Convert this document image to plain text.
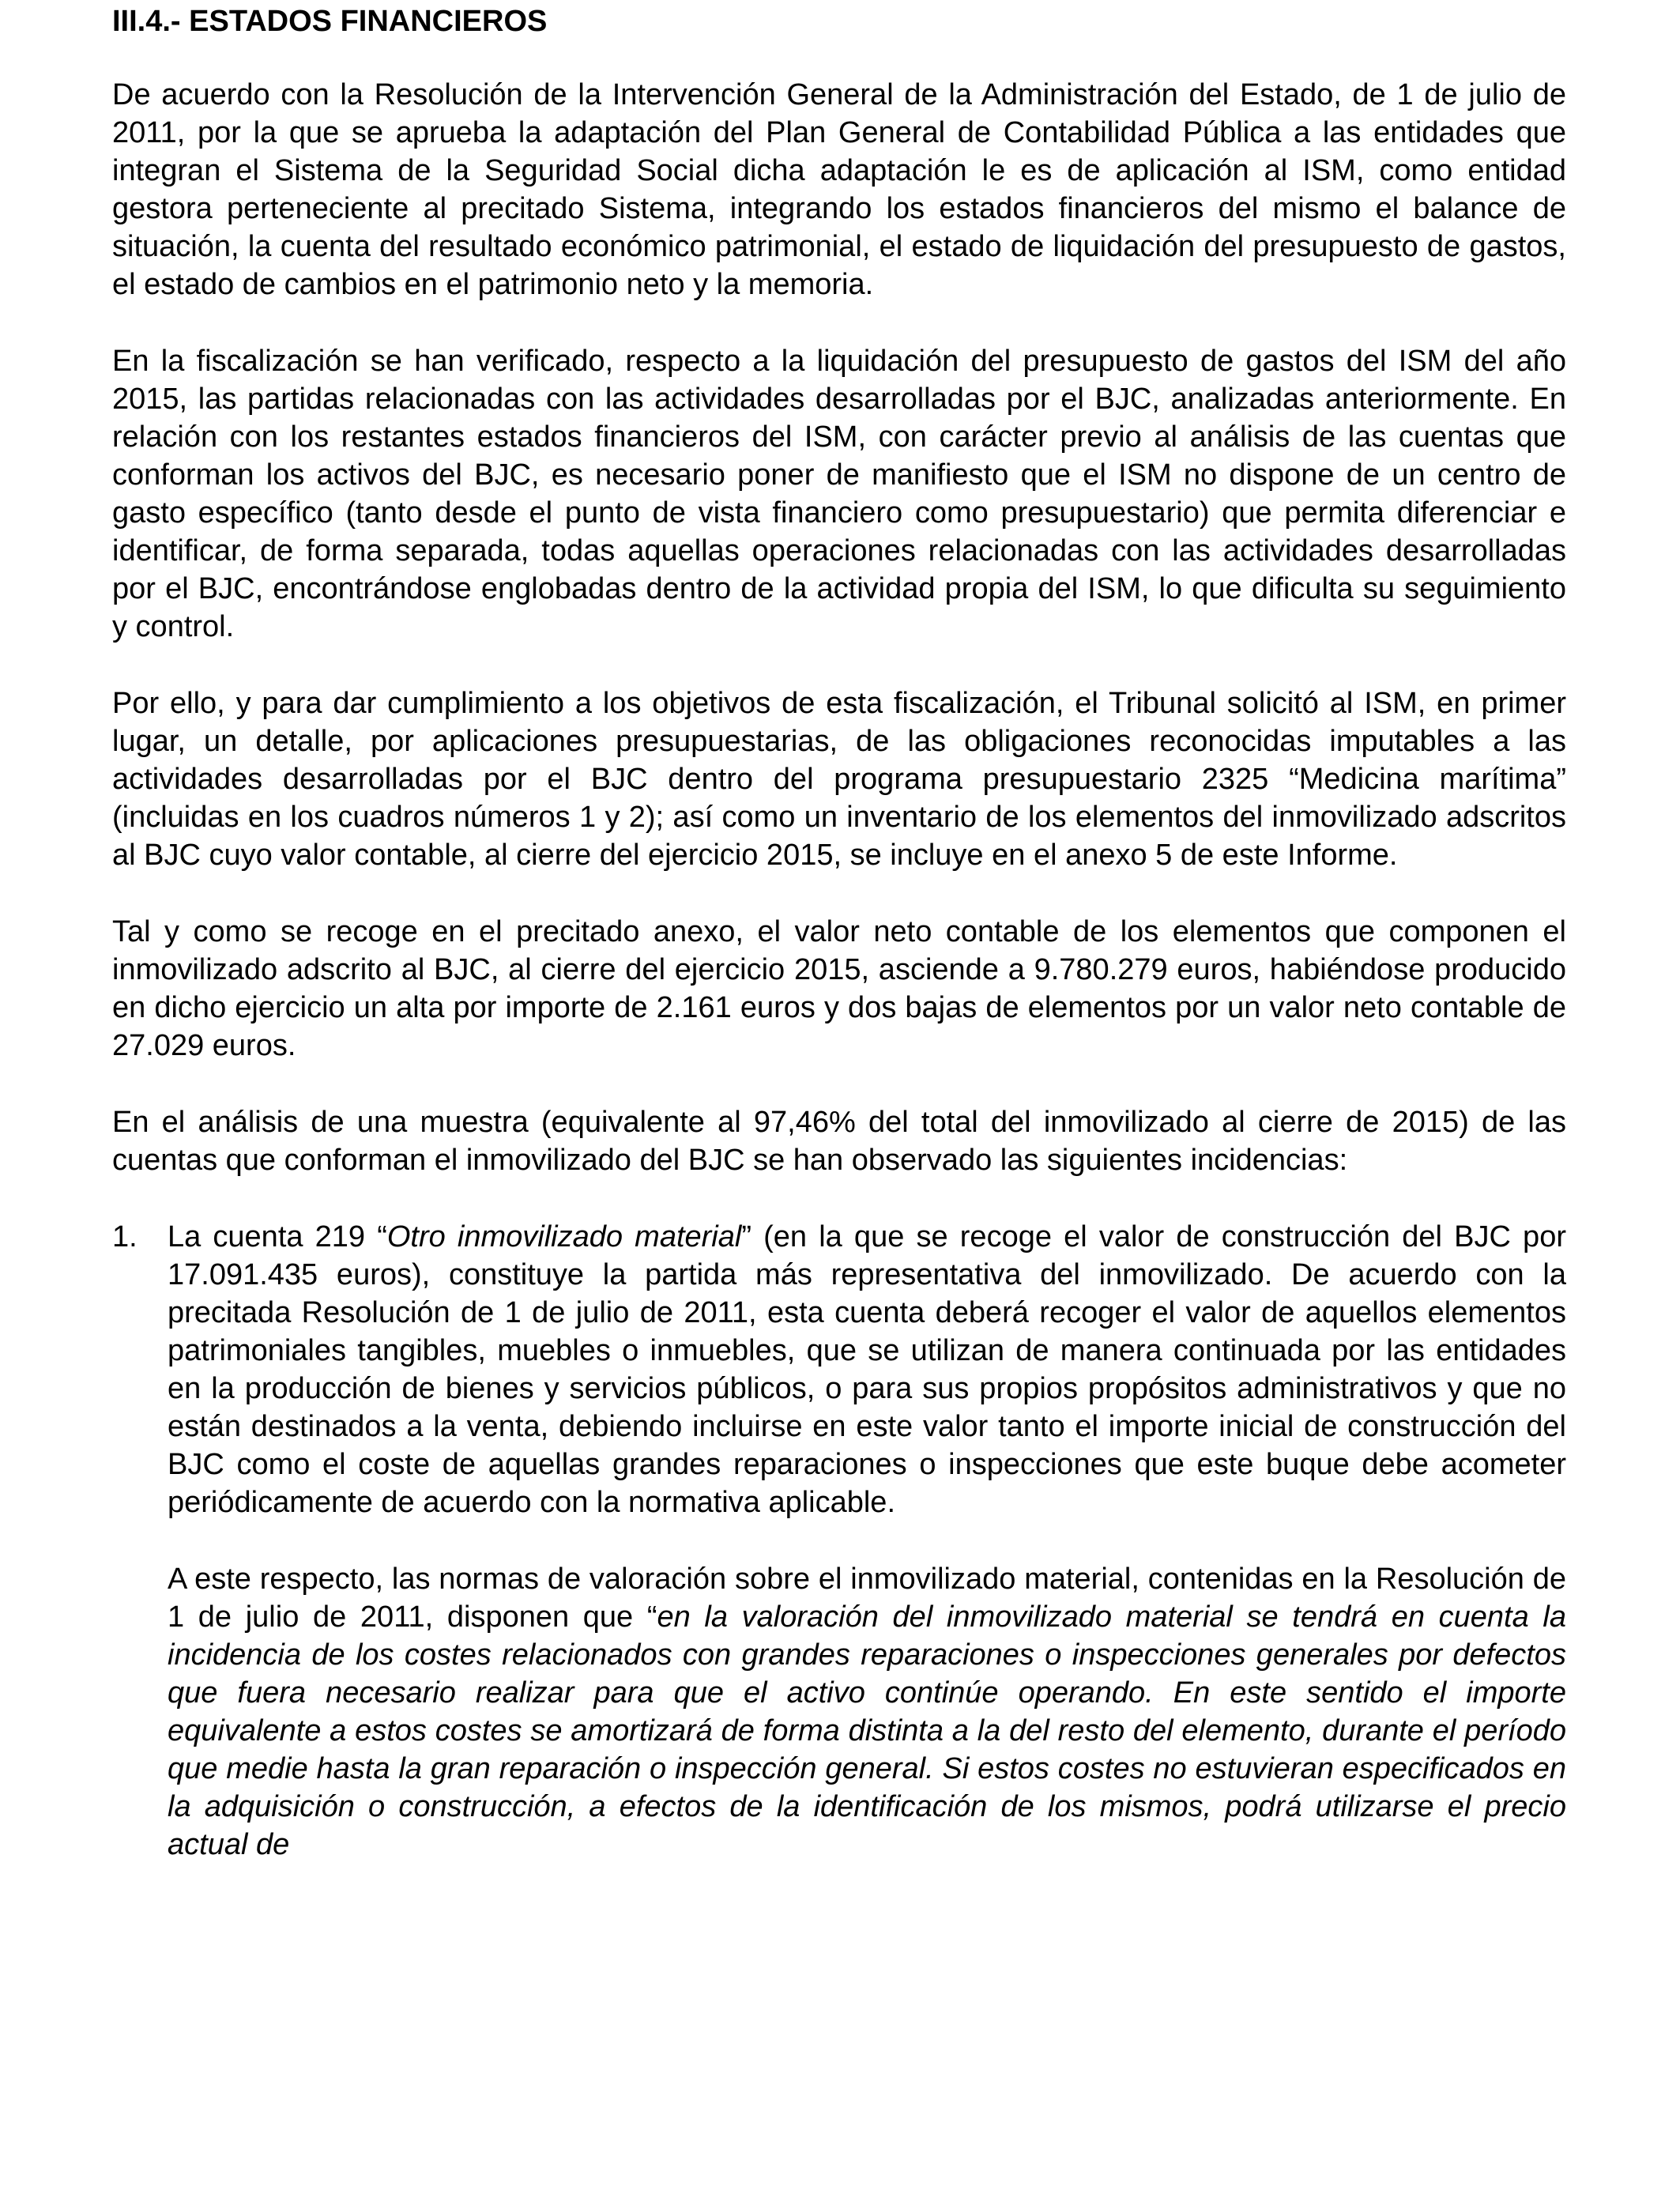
III.4.- ESTADOS FINANCIEROS

De acuerdo con la Resolución de la Intervención General de la Administración del Estado, de 1 de julio de 2011, por la que se aprueba la adaptación del Plan General de Contabilidad Pública a las entidades que integran el Sistema de la Seguridad Social dicha adaptación le es de aplicación al ISM, como entidad gestora perteneciente al precitado Sistema, integrando los estados financieros del mismo el balance de situación, la cuenta del resultado económico patrimonial, el estado de liquidación del presupuesto de gastos, el estado de cambios en el patrimonio neto y la memoria.

En la fiscalización se han verificado, respecto a la liquidación del presupuesto de gastos del ISM del año 2015, las partidas relacionadas con las actividades desarrolladas por el BJC, analizadas anteriormente. En relación con los restantes estados financieros del ISM, con carácter previo al análisis de las cuentas que conforman los activos del BJC, es necesario poner de manifiesto que el ISM no dispone de un centro de gasto específico (tanto desde el punto de vista financiero como presupuestario) que permita diferenciar e identificar, de forma separada, todas aquellas operaciones relacionadas con las actividades desarrolladas por el BJC, encontrándose englobadas dentro de la actividad propia del ISM, lo que dificulta su seguimiento y control.

Por ello, y para dar cumplimiento a los objetivos de esta fiscalización, el Tribunal solicitó al ISM, en primer lugar, un detalle, por aplicaciones presupuestarias, de las obligaciones reconocidas imputables a las actividades desarrolladas por el BJC dentro del programa presupuestario 2325 “Medicina marítima” (incluidas en los cuadros números 1 y 2); así como un inventario de los elementos del inmovilizado adscritos al BJC cuyo valor contable, al cierre del ejercicio 2015, se incluye en el anexo 5 de este Informe.

Tal y como se recoge en el precitado anexo, el valor neto contable de los elementos que componen el inmovilizado adscrito al BJC, al cierre del ejercicio 2015, asciende a 9.780.279 euros, habiéndose producido en dicho ejercicio un alta por importe de 2.161 euros y dos bajas de elementos por un valor neto contable de 27.029 euros.

En el análisis de una muestra (equivalente al 97,46% del total del inmovilizado al cierre de 2015) de las cuentas que conforman el inmovilizado del BJC se han observado las siguientes incidencias:

1. La cuenta 219 “Otro inmovilizado material” (en la que se recoge el valor de construcción del BJC por 17.091.435 euros), constituye la partida más representativa del inmovilizado. De acuerdo con la precitada Resolución de 1 de julio de 2011, esta cuenta deberá recoger el valor de aquellos elementos patrimoniales tangibles, muebles o inmuebles, que se utilizan de manera continuada por las entidades en la producción de bienes y servicios públicos, o para sus propios propósitos administrativos y que no están destinados a la venta, debiendo incluirse en este valor tanto el importe inicial de construcción del BJC como el coste de aquellas grandes reparaciones o inspecciones que este buque debe acometer periódicamente de acuerdo con la normativa aplicable.

A este respecto, las normas de valoración sobre el inmovilizado material, contenidas en la Resolución de 1 de julio de 2011, disponen que “en la valoración del inmovilizado material se tendrá en cuenta la incidencia de los costes relacionados con grandes reparaciones o inspecciones generales por defectos que fuera necesario realizar para que el activo continúe operando. En este sentido el importe equivalente a estos costes se amortizará de forma distinta a la del resto del elemento, durante el período que medie hasta la gran reparación o inspección general. Si estos costes no estuvieran especificados en la adquisición o construcción, a efectos de la identificación de los mismos, podrá utilizarse el precio actual de
